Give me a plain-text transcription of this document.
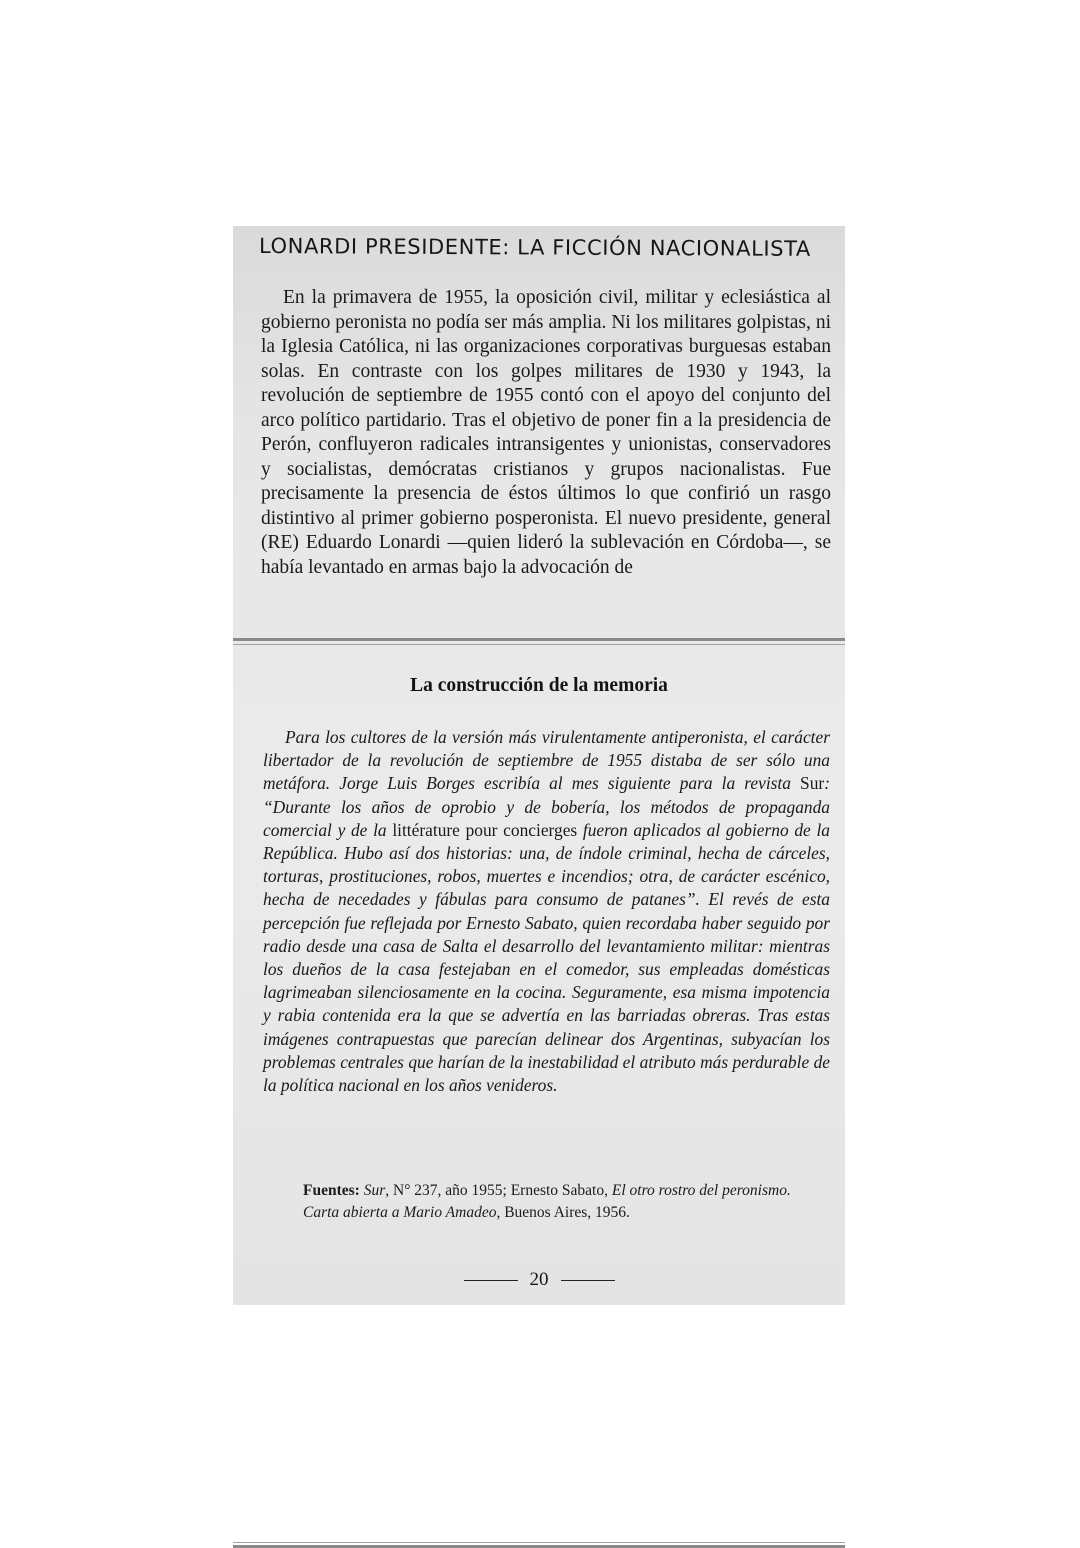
LONARDI PRESIDENTE: LA FICCIÓN NACIONALISTA

En la primavera de 1955, la oposición civil, militar y eclesiástica al gobierno peronista no podía ser más amplia. Ni los militares golpistas, ni la Iglesia Católica, ni las organizaciones corporativas burguesas estaban solas. En contraste con los golpes militares de 1930 y 1943, la revolución de septiembre de 1955 contó con el apoyo del conjunto del arco político partidario. Tras el objetivo de poner fin a la presidencia de Perón, confluyeron radicales intransigentes y unionistas, conservadores y socialistas, demócratas cristianos y grupos nacionalistas. Fue precisamente la presencia de éstos últimos lo que confirió un rasgo distintivo al primer gobierno posperonista. El nuevo presidente, general (RE) Eduardo Lonardi —quien lideró la sublevación en Córdoba—, se había levantado en armas bajo la advocación de

La construcción de la memoria

Para los cultores de la versión más virulentamente antiperonista, el carácter libertador de la revolución de septiembre de 1955 distaba de ser sólo una metáfora. Jorge Luis Borges escribía al mes siguiente para la revista Sur: “Durante los años de oprobio y de bobería, los métodos de propaganda comercial y de la littérature pour concierges fueron aplicados al gobierno de la República. Hubo así dos historias: una, de índole criminal, hecha de cárceles, torturas, prostituciones, robos, muertes e incendios; otra, de carácter escénico, hecha de necedades y fábulas para consumo de patanes”. El revés de esta percepción fue reflejada por Ernesto Sabato, quien recordaba haber seguido por radio desde una casa de Salta el desarrollo del levantamiento militar: mientras los dueños de la casa festejaban en el comedor, sus empleadas domésticas lagrimeaban silenciosamente en la cocina. Seguramente, esa misma impotencia y rabia contenida era la que se advertía en las barriadas obreras. Tras estas imágenes contrapuestas que parecían delinear dos Argentinas, subyacían los problemas centrales que harían de la inestabilidad el atributo más perdurable de la política nacional en los años venideros.

Fuentes: Sur, N° 237, año 1955; Ernesto Sabato, El otro rostro del peronismo. Carta abierta a Mario Amadeo, Buenos Aires, 1956.

20
